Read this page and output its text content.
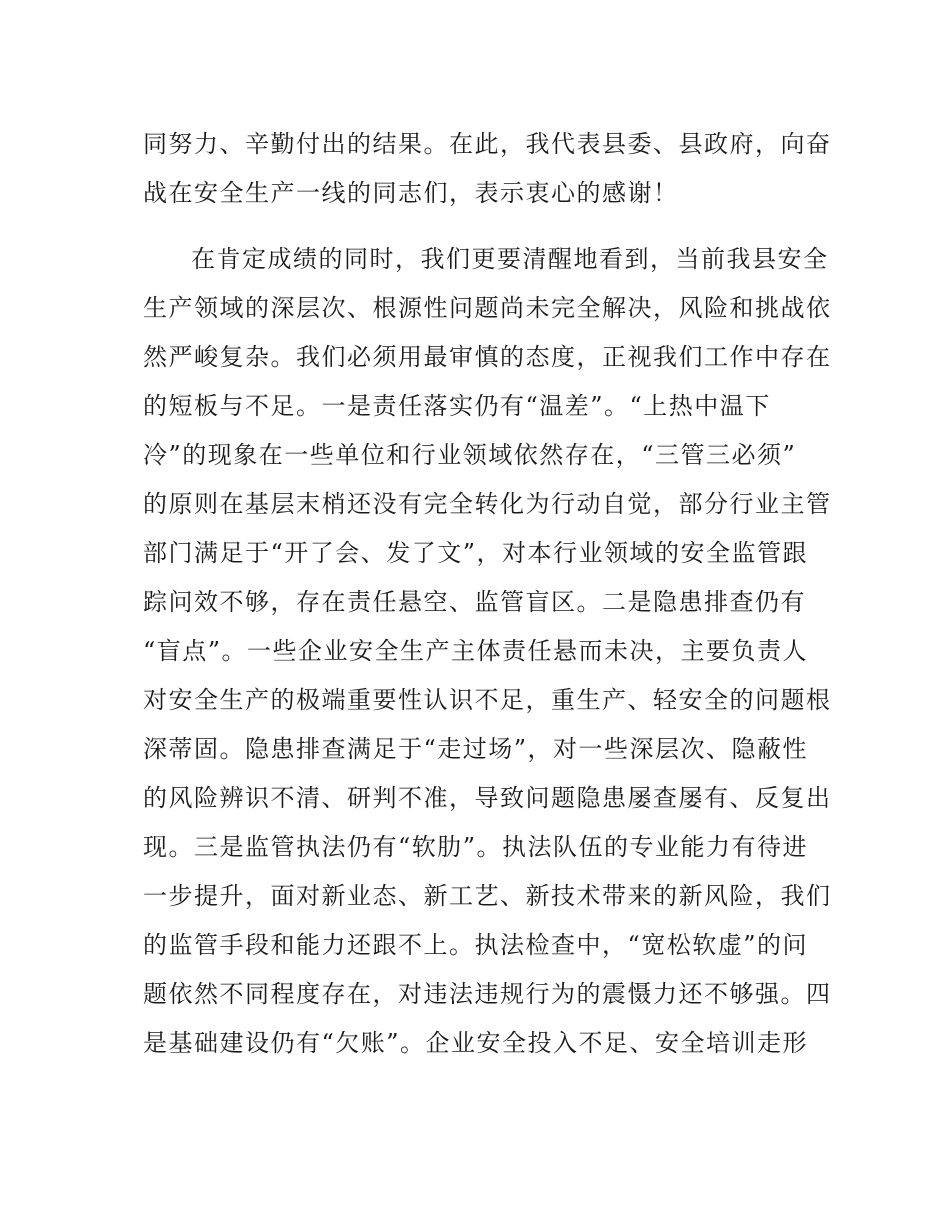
同努力、辛勤付出的结果。在此，我代表县委、县政府，向奋
战在安全生产一线的同志们，表示衷心的感谢！
在肯定成绩的同时，我们更要清醒地看到，当前我县安全
生产领域的深层次、根源性问题尚未完全解决，风险和挑战依
然严峻复杂。我们必须用最审慎的态度，正视我们工作中存在
的短板与不足。一是责任落实仍有“温差”。“上热中温下
冷”的现象在一些单位和行业领域依然存在，“三管三必须”
的原则在基层末梢还没有完全转化为行动自觉，部分行业主管
部门满足于“开了会、发了文”，对本行业领域的安全监管跟
踪问效不够，存在责任悬空、监管盲区。二是隐患排查仍有
“盲点”。一些企业安全生产主体责任悬而未决，主要负责人
对安全生产的极端重要性认识不足，重生产、轻安全的问题根
深蒂固。隐患排查满足于“走过场”，对一些深层次、隐蔽性
的风险辨识不清、研判不准，导致问题隐患屡查屡有、反复出
现。三是监管执法仍有“软肋”。执法队伍的专业能力有待进
一步提升，面对新业态、新工艺、新技术带来的新风险，我们
的监管手段和能力还跟不上。执法检查中，“宽松软虚”的问
题依然不同程度存在，对违法违规行为的震慑力还不够强。四
是基础建设仍有“欠账”。企业安全投入不足、安全培训走形
